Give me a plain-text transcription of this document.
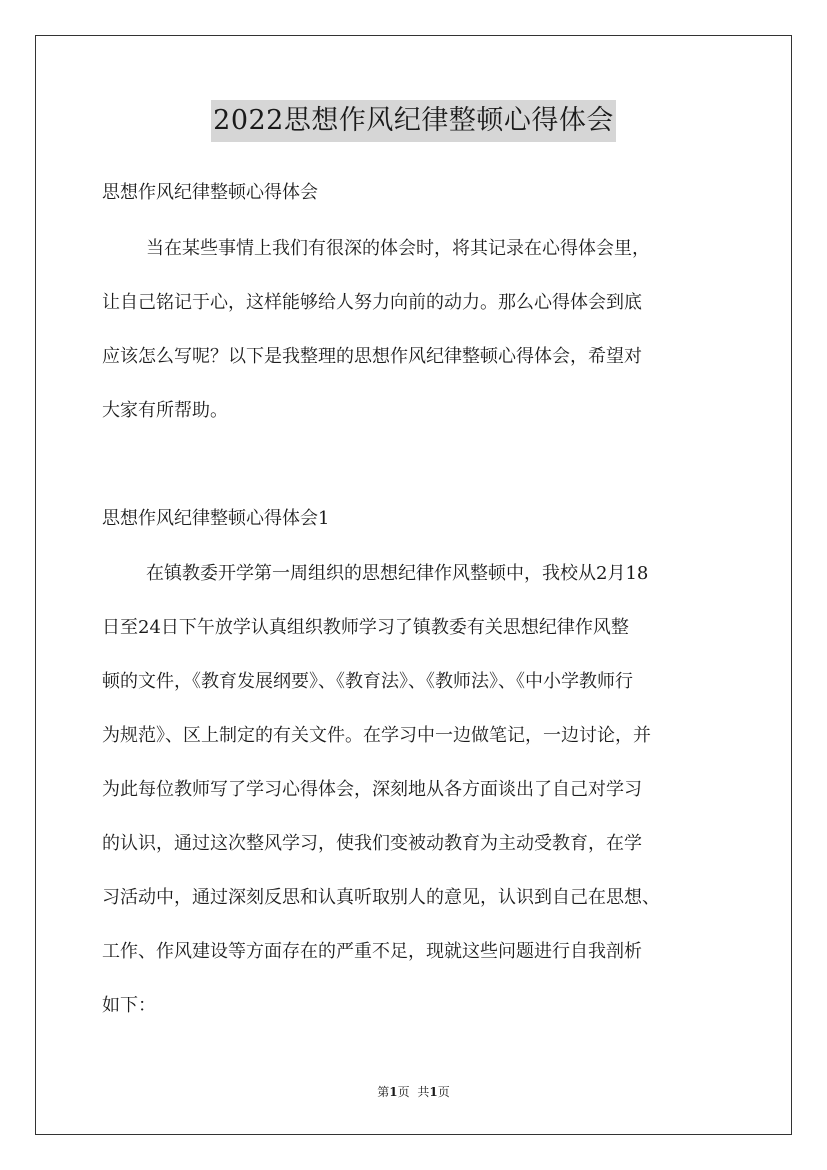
2022思想作风纪律整顿心得体会
思想作风纪律整顿心得体会
当在某些事情上我们有很深的体会时，将其记录在心得体会里，
让自己铭记于心，这样能够给人努力向前的动力。那么心得体会到底
应该怎么写呢？以下是我整理的思想作风纪律整顿心得体会，希望对
大家有所帮助。
思想作风纪律整顿心得体会1
在镇教委开学第一周组织的思想纪律作风整顿中，我校从2月18
日至24日下午放学认真组织教师学习了镇教委有关思想纪律作风整
顿的文件，《教育发展纲要》、《教育法》、《教师法》、《中小学教师行
为规范》、区上制定的有关文件。在学习中一边做笔记，一边讨论，并
为此每位教师写了学习心得体会，深刻地从各方面谈出了自己对学习
的认识，通过这次整风学习，使我们变被动教育为主动受教育，在学
习活动中，通过深刻反思和认真听取别人的意见，认识到自己在思想、
工作、作风建设等方面存在的严重不足，现就这些问题进行自我剖析
如下：
第1页 共1页
